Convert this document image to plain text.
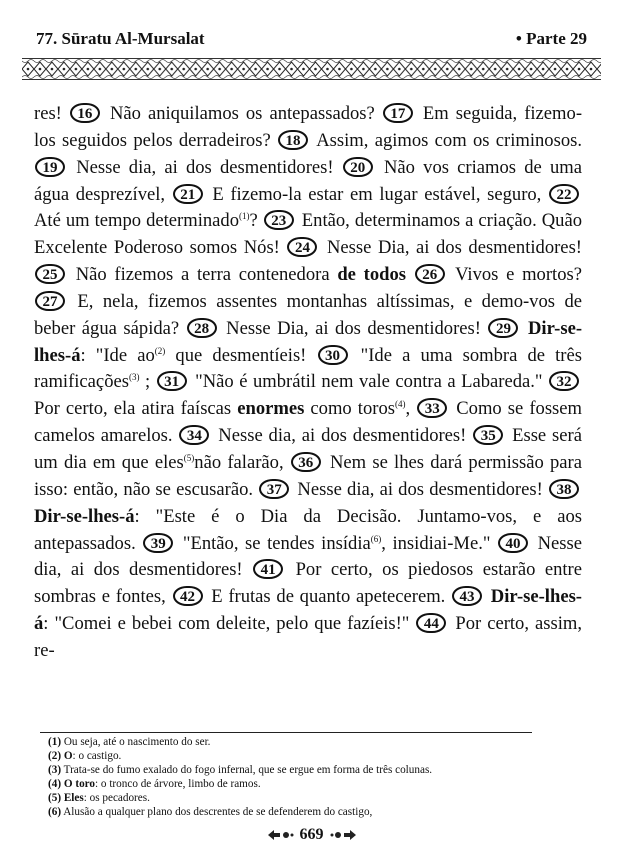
77. Sūratu Al-Mursalat	• Parte 29

res! 16 Não aniquilamos os antepassados? 17 Em seguida, fizemo-los seguidos pelos derradeiros? 18 Assim, agimos com os criminosos. 19 Nesse dia, ai dos desmentidores! 20 Não vos criamos de uma água desprezível, 21 E fizemo-la estar em lugar estável, seguro, 22 Até um tempo determinado$^{(1)}$? 23 Então, determinamos a criação. Quão Excelente Poderoso somos Nós! 24 Nesse Dia, ai dos desmentidores! 25 Não fizemos a terra contenedora de todos 26 Vivos e mortos? 27 E, nela, fizemos assentes montanhas altíssimas, e demo-vos de beber água sápida? 28 Nesse Dia, ai dos desmentidores! 29 Dir-se-lhes-á: "Ide $ao^{(2)}$ que desmentíeis! 30 "Ide a uma sombra de três ramificações$^{(3)}$ ; 31 "Não é umbrátil nem vale contra a Labareda." 32 Por certo, ela atira faíscas enormes como toros$^{(4)}$, 33 Como se fossem camelos amarelos. 34 Nesse dia, ai dos desmentidores! 35 Esse será um dia em que eles$^{(5)}$não falarão, 36 Nem se lhes dará permissão para isso: então, não se escusarão. 37 Nesse dia, ai dos desmentidores! 38 Dir-se-lhes-á: "Este é o Dia da Decisão. Juntamo-vos, e aos antepassados. 39 "Então, se tendes insídia$^{(6)}$, insidiai-Me." 40 Nesse dia, ai dos desmentidores! 41 Por certo, os piedosos estarão entre sombras e fontes, 42 E frutas de quanto apetecerem. 43 Dir-se-lhes-á: "Comei e bebei com deleite, pelo que fazíeis!" 44 Por certo, assim, re-

(1) Ou seja, até o nascimento do ser.
(2) O: o castigo.
(3) Trata-se do fumo exalado do fogo infernal, que se ergue em forma de três colunas.
(4) O toro: o tronco de árvore, limbo de ramos.
(5) Eles: os pecadores.
(6) Alusão a qualquer plano dos descrentes de se defenderem do castigo,
669
